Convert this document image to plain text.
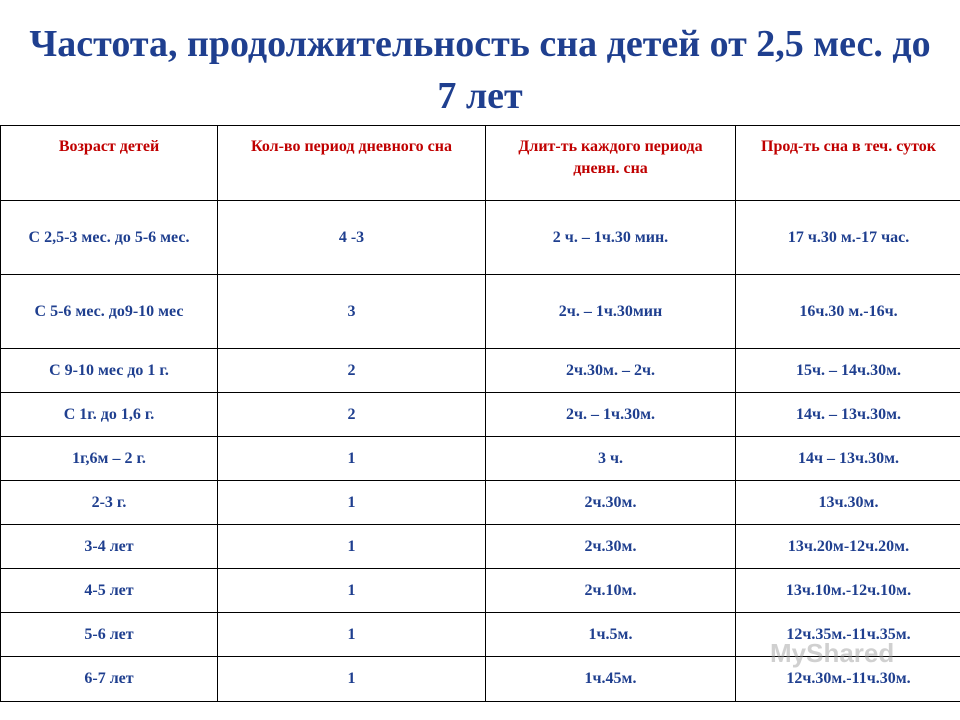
Частота, продолжительность сна детей от 2,5 мес. до 7 лет
Возраст детей	Кол-во период дневного сна	Длит-ть каждого периода дневн. сна	Прод-ть сна в теч. суток
С 2,5-3 мес. до 5-6 мес.	4 -3	2 ч. – 1ч.30 мин.	17 ч.30 м.-17 час.
С 5-6 мес. до9-10 мес	3	2ч. – 1ч.30мин	16ч.30 м.-16ч.
С 9-10 мес до 1 г.	2	2ч.30м. – 2ч.	15ч. – 14ч.30м.
С 1г. до 1,6 г.	2	2ч. – 1ч.30м.	14ч. – 13ч.30м.
1г,6м – 2 г.	1	3 ч.	14ч – 13ч.30м.
2-3 г.	1	2ч.30м.	13ч.30м.
3-4 лет	1	2ч.30м.	13ч.20м-12ч.20м.
4-5 лет	1	2ч.10м.	13ч.10м.-12ч.10м.
5-6 лет	1	1ч.5м.	12ч.35м.-11ч.35м.
6-7 лет	1	1ч.45м.	12ч.30м.-11ч.30м.
MyShared
